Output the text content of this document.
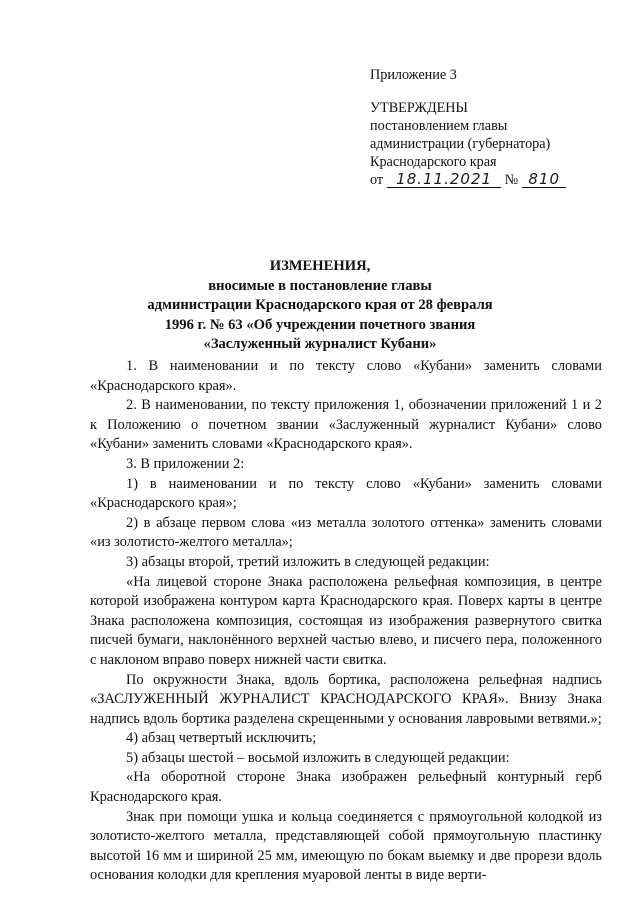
Приложение 3
УТВЕРЖДЕНЫ
постановлением главы
администрации (губернатора)
Краснодарского края
от 18.11.2021 № 810
ИЗМЕНЕНИЯ,
вносимые в постановление главы
администрации Краснодарского края от 28 февраля
1996 г. № 63 «Об учреждении почетного звания
«Заслуженный журналист Кубани»

1. В наименовании и по тексту слово «Кубани» заменить словами «Краснодарского края».

2. В наименовании, по тексту приложения 1, обозначении приложений 1 и 2 к Положению о почетном звании «Заслуженный журналист Кубани» слово «Кубани» заменить словами «Краснодарского края».

3. В приложении 2:

1) в наименовании и по тексту слово «Кубани» заменить словами «Краснодарского края»;

2) в абзаце первом слова «из металла золотого оттенка» заменить словами «из золотисто-желтого металла»;

3) абзацы второй, третий изложить в следующей редакции:

«На лицевой стороне Знака расположена рельефная композиция, в центре которой изображена контуром карта Краснодарского края. Поверх карты в центре Знака расположена композиция, состоящая из изображения развернутого свитка писчей бумаги, наклонённого верхней частью влево, и писчего пера, положенного с наклоном вправо поверх нижней части свитка.

По окружности Знака, вдоль бортика, расположена рельефная надпись «ЗАСЛУЖЕННЫЙ ЖУРНАЛИСТ КРАСНОДАРСКОГО КРАЯ». Внизу Знака надпись вдоль бортика разделена скрещенными у основания лавровыми ветвями.»;

4) абзац четвертый исключить;

5) абзацы шестой – восьмой изложить в следующей редакции:

«На оборотной стороне Знака изображен рельефный контурный герб Краснодарского края.

Знак при помощи ушка и кольца соединяется с прямоугольной колодкой из золотисто-желтого металла, представляющей собой прямоугольную пластинку высотой 16 мм и шириной 25 мм, имеющую по бокам выемку и две прорези вдоль основания колодки для крепления муаровой ленты в виде верти-
